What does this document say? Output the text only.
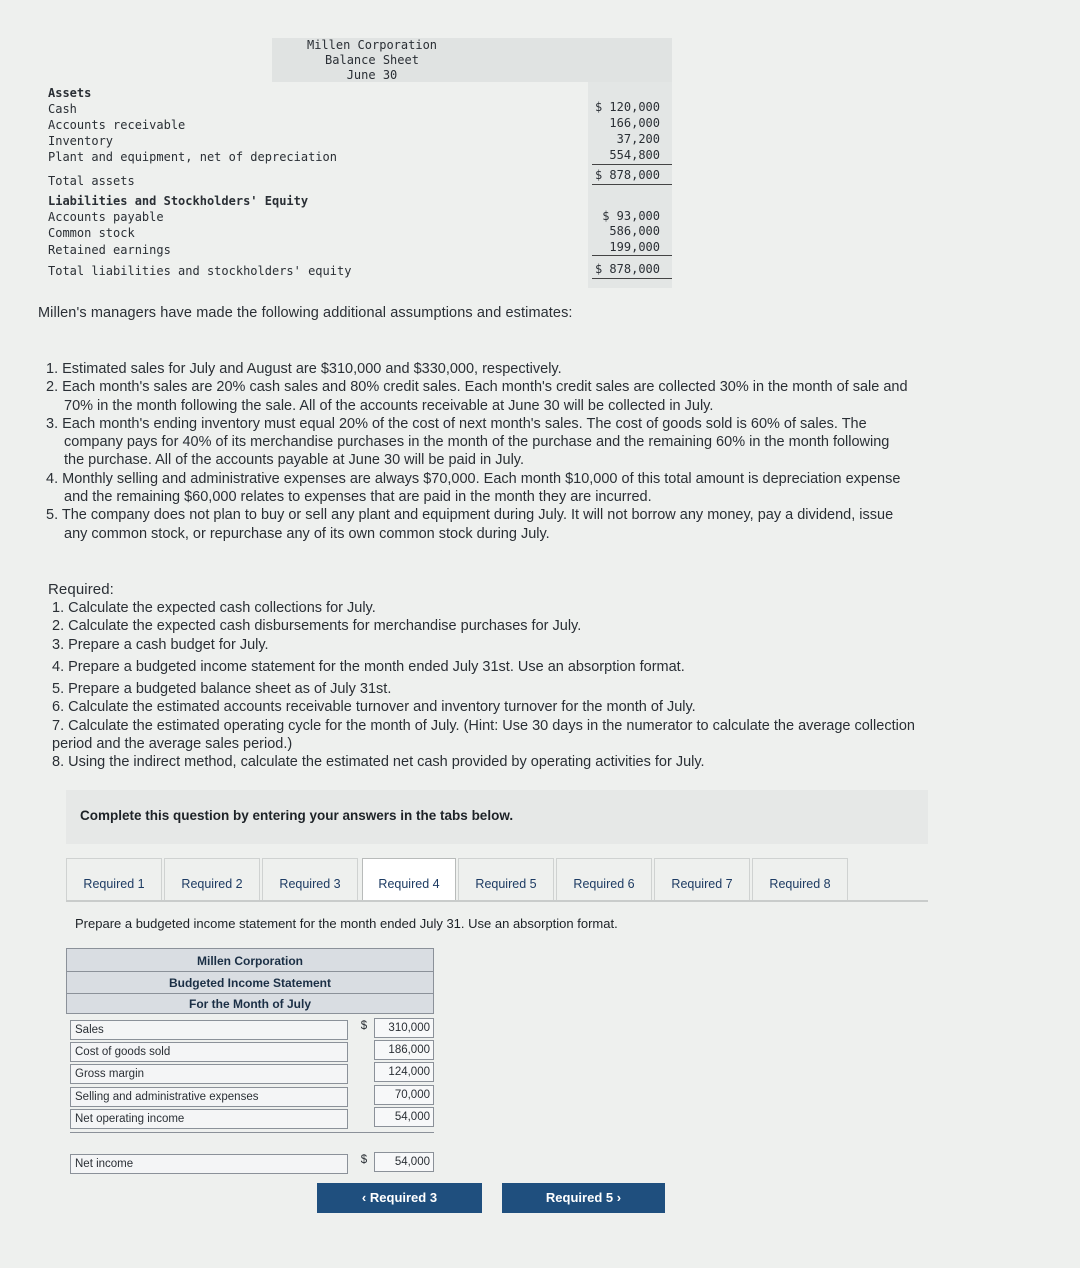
Millen Corporation
Balance Sheet
June 30
Assets
Cash	$ 120,000
Accounts receivable	166,000
Inventory	37,200
Plant and equipment, net of depreciation	554,800
Total assets	$ 878,000
Liabilities and Stockholders' Equity
Accounts payable	$ 93,000
Common stock	586,000
Retained earnings	199,000
Total liabilities and stockholders' equity	$ 878,000
Millen's managers have made the following additional assumptions and estimates:
1. Estimated sales for July and August are $310,000 and $330,000, respectively.
2. Each month's sales are 20% cash sales and 80% credit sales. Each month's credit sales are collected 30% in the month of sale and
70% in the month following the sale. All of the accounts receivable at June 30 will be collected in July.
3. Each month's ending inventory must equal 20% of the cost of next month's sales. The cost of goods sold is 60% of sales. The
company pays for 40% of its merchandise purchases in the month of the purchase and the remaining 60% in the month following
the purchase. All of the accounts payable at June 30 will be paid in July.
4. Monthly selling and administrative expenses are always $70,000. Each month $10,000 of this total amount is depreciation expense
and the remaining $60,000 relates to expenses that are paid in the month they are incurred.
5. The company does not plan to buy or sell any plant and equipment during July. It will not borrow any money, pay a dividend, issue
any common stock, or repurchase any of its own common stock during July.
Required:
1. Calculate the expected cash collections for July.
2. Calculate the expected cash disbursements for merchandise purchases for July.
3. Prepare a cash budget for July.
4. Prepare a budgeted income statement for the month ended July 31st. Use an absorption format.
5. Prepare a budgeted balance sheet as of July 31st.
6. Calculate the estimated accounts receivable turnover and inventory turnover for the month of July.
7. Calculate the estimated operating cycle for the month of July. (Hint: Use 30 days in the numerator to calculate the average collection
period and the average sales period.)
8. Using the indirect method, calculate the estimated net cash provided by operating activities for July.
Complete this question by entering your answers in the tabs below.
Required 1	Required 2	Required 3	Required 4	Required 5	Required 6	Required 7	Required 8
Prepare a budgeted income statement for the month ended July 31. Use an absorption format.
Millen Corporation
Budgeted Income Statement
For the Month of July
Sales	$	310,000
Cost of goods sold	186,000
Gross margin	124,000
Selling and administrative expenses	70,000
Net operating income	54,000
Net income	$	54,000
‹ Required 3	Required 5 ›
